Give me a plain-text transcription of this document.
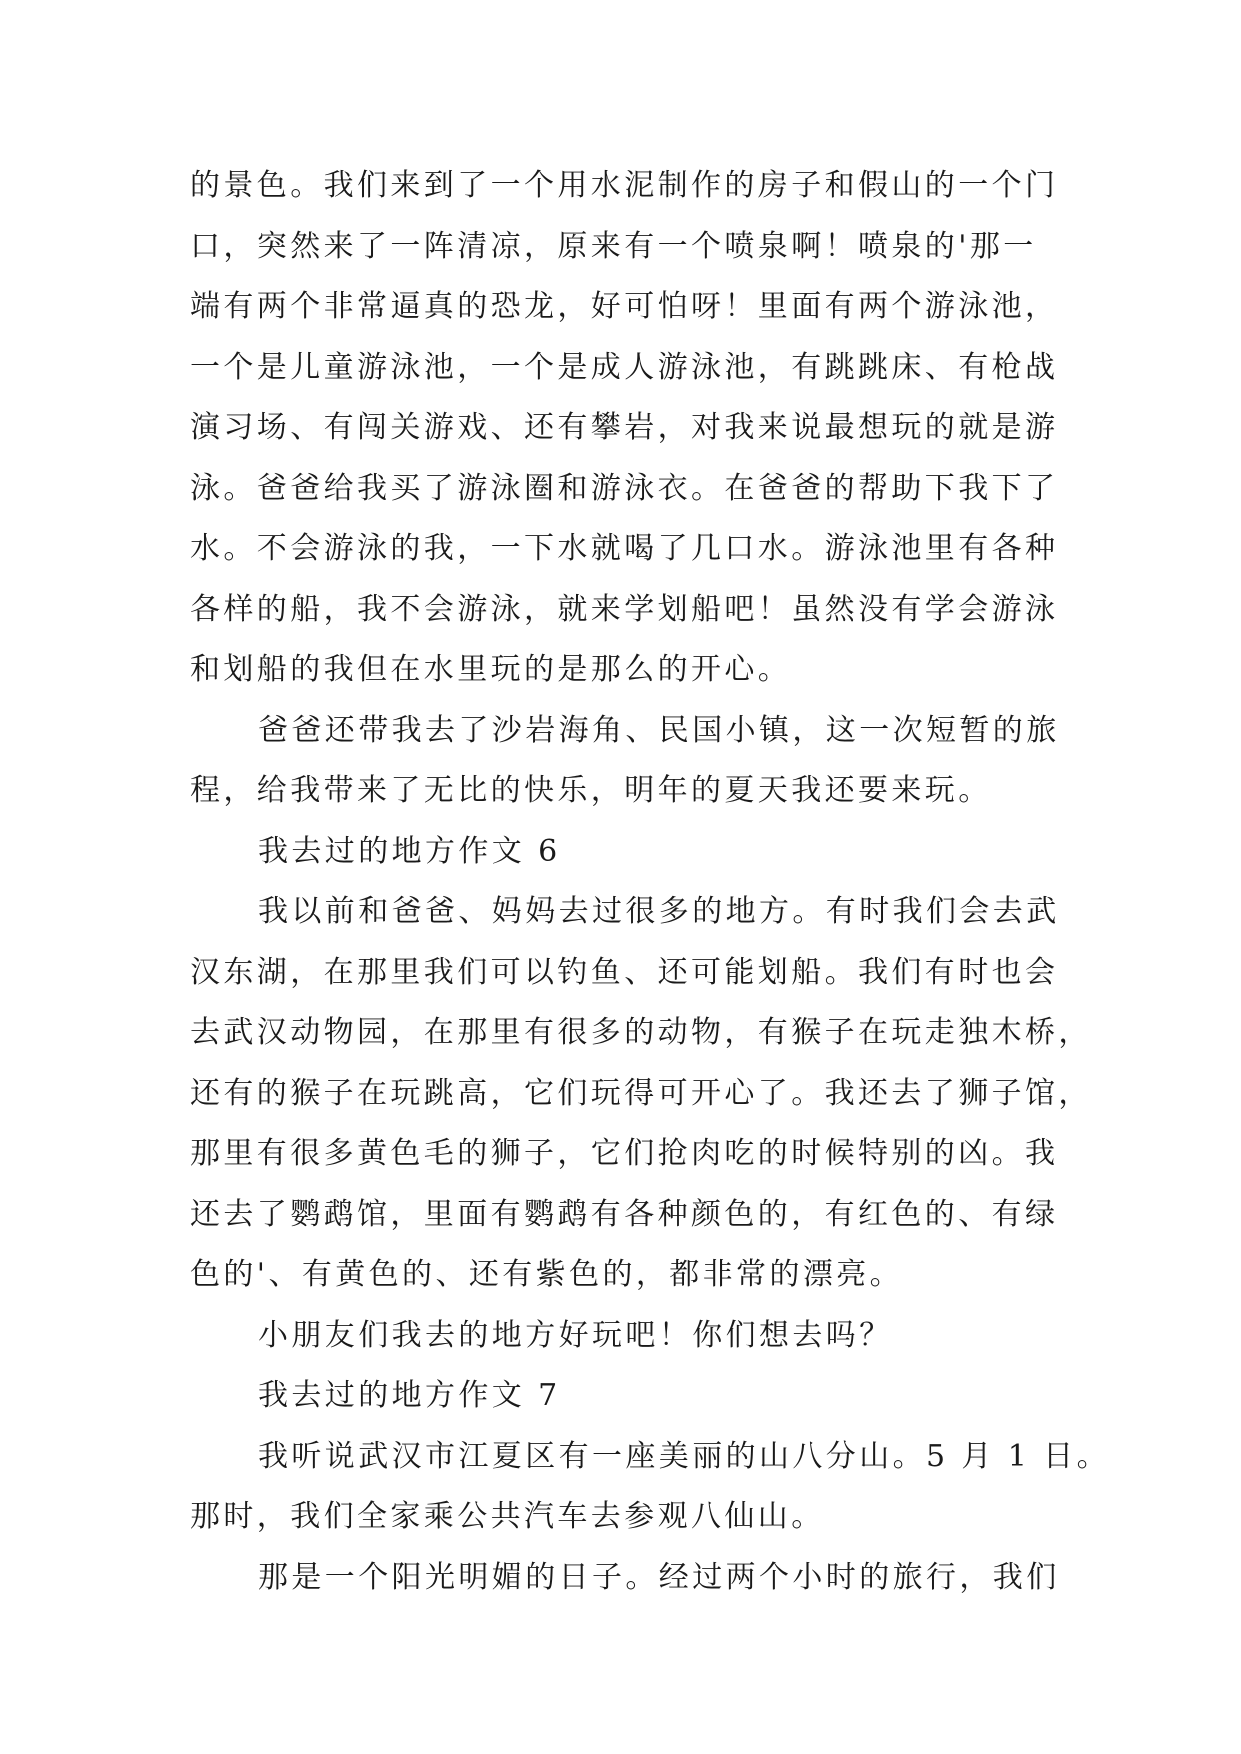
的景色。我们来到了一个用水泥制作的房子和假山的一个门
口，突然来了一阵清凉，原来有一个喷泉啊！喷泉的'那一
端有两个非常逼真的恐龙，好可怕呀！里面有两个游泳池，
一个是儿童游泳池，一个是成人游泳池，有跳跳床、有枪战
演习场、有闯关游戏、还有攀岩，对我来说最想玩的就是游
泳。爸爸给我买了游泳圈和游泳衣。在爸爸的帮助下我下了
水。不会游泳的我，一下水就喝了几口水。游泳池里有各种
各样的船，我不会游泳，就来学划船吧！虽然没有学会游泳
和划船的我但在水里玩的是那么的开心。
爸爸还带我去了沙岩海角、民国小镇，这一次短暂的旅
程，给我带来了无比的快乐，明年的夏天我还要来玩。
我去过的地方作文 6
我以前和爸爸、妈妈去过很多的地方。有时我们会去武
汉东湖，在那里我们可以钓鱼、还可能划船。我们有时也会
去武汉动物园，在那里有很多的动物，有猴子在玩走独木桥，
还有的猴子在玩跳高，它们玩得可开心了。我还去了狮子馆，
那里有很多黄色毛的狮子，它们抢肉吃的时候特别的凶。我
还去了鹦鹉馆，里面有鹦鹉有各种颜色的，有红色的、有绿
色的'、有黄色的、还有紫色的，都非常的漂亮。
小朋友们我去的地方好玩吧！你们想去吗？
我去过的地方作文 7
我听说武汉市江夏区有一座美丽的山八分山。5 月 1 日。
那时，我们全家乘公共汽车去参观八仙山。
那是一个阳光明媚的日子。经过两个小时的旅行，我们
